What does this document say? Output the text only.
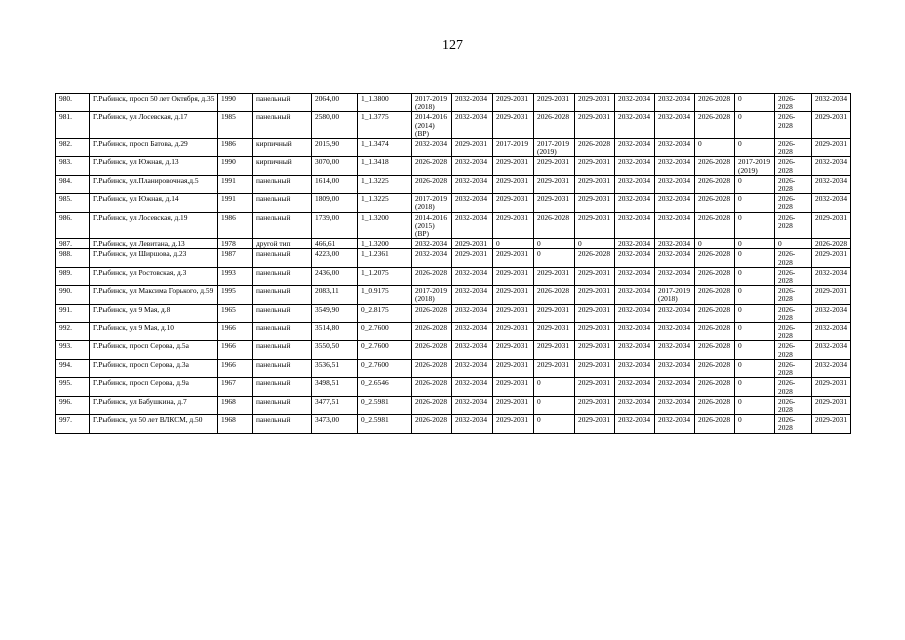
127
980.	Г.Рыбинск, просп 50 лет Октября, д.35	1990	панельный	2064,00	1_1.3800	2017-2019 (2018)	2032-2034	2029-2031	2029-2031	2029-2031	2032-2034	2032-2034	2026-2028	0	2026-2028	2032-2034
981.	Г.Рыбинск, ул Лосевская, д.17	1985	панельный	2580,00	1_1.3775	2014-2016 (2014) (ВР)	2032-2034	2029-2031	2026-2028	2029-2031	2032-2034	2032-2034	2026-2028	0	2026-2028	2029-2031
982.	Г.Рыбинск, просп Батова, д.29	1986	кирпичный	2015,90	1_1.3474	2032-2034	2029-2031	2017-2019	2017-2019 (2019)	2026-2028	2032-2034	2032-2034	0	0	2026-2028	2029-2031
983.	Г.Рыбинск, ул Южная, д.13	1990	кирпичный	3070,00	1_1.3418	2026-2028	2032-2034	2029-2031	2029-2031	2029-2031	2032-2034	2032-2034	2026-2028	2017-2019 (2019)	2026-2028	2032-2034
984.	Г.Рыбинск, ул.Планировочная,д.5	1991	панельный	1614,00	1_1.3225	2026-2028	2032-2034	2029-2031	2029-2031	2029-2031	2032-2034	2032-2034	2026-2028	0	2026-2028	2032-2034
985.	Г.Рыбинск, ул Южная, д.14	1991	панельный	1809,00	1_1.3225	2017-2019 (2018)	2032-2034	2029-2031	2029-2031	2029-2031	2032-2034	2032-2034	2026-2028	0	2026-2028	2032-2034
986.	Г.Рыбинск, ул Лосевская, д.19	1986	панельный	1739,00	1_1.3200	2014-2016 (2015) (ВР)	2032-2034	2029-2031	2026-2028	2029-2031	2032-2034	2032-2034	2026-2028	0	2026-2028	2029-2031
987.	Г.Рыбинск, ул Левитана, д.13	1978	другой тип	466,61	1_1.3200	2032-2034	2029-2031	0	0	0	2032-2034	2032-2034	0	0	0	2026-2028
988.	Г.Рыбинск, ул Ширшова, д.23	1987	панельный	4223,00	1_1.2361	2032-2034	2029-2031	2029-2031	0	2026-2028	2032-2034	2032-2034	2026-2028	0	2026-2028	2029-2031
989.	Г.Рыбинск, ул Ростовская, д.3	1993	панельный	2436,00	1_1.2075	2026-2028	2032-2034	2029-2031	2029-2031	2029-2031	2032-2034	2032-2034	2026-2028	0	2026-2028	2032-2034
990.	Г.Рыбинск, ул Максима Горького, д.59	1995	панельный	2083,11	1_0.9175	2017-2019 (2018)	2032-2034	2029-2031	2026-2028	2029-2031	2032-2034	2017-2019 (2018)	2026-2028	0	2026-2028	2029-2031
991.	Г.Рыбинск, ул 9 Мая, д.8	1965	панельный	3549,90	0_2.8175	2026-2028	2032-2034	2029-2031	2029-2031	2029-2031	2032-2034	2032-2034	2026-2028	0	2026-2028	2032-2034
992.	Г.Рыбинск, ул 9 Мая, д.10	1966	панельный	3514,80	0_2.7600	2026-2028	2032-2034	2029-2031	2029-2031	2029-2031	2032-2034	2032-2034	2026-2028	0	2026-2028	2032-2034
993.	Г.Рыбинск, просп Серова, д.5а	1966	панельный	3550,50	0_2.7600	2026-2028	2032-2034	2029-2031	2029-2031	2029-2031	2032-2034	2032-2034	2026-2028	0	2026-2028	2032-2034
994.	Г.Рыбинск, просп Серова, д.3а	1966	панельный	3536,51	0_2.7600	2026-2028	2032-2034	2029-2031	2029-2031	2029-2031	2032-2034	2032-2034	2026-2028	0	2026-2028	2032-2034
995.	Г.Рыбинск, просп Серова, д.9а	1967	панельный	3498,51	0_2.6546	2026-2028	2032-2034	2029-2031	0	2029-2031	2032-2034	2032-2034	2026-2028	0	2026-2028	2029-2031
996.	Г.Рыбинск, ул Бабушкина, д.7	1968	панельный	3477,51	0_2.5981	2026-2028	2032-2034	2029-2031	0	2029-2031	2032-2034	2032-2034	2026-2028	0	2026-2028	2029-2031
997.	Г.Рыбинск, ул 50 лет ВЛКСМ, д.50	1968	панельный	3473,00	0_2.5981	2026-2028	2032-2034	2029-2031	0	2029-2031	2032-2034	2032-2034	2026-2028	0	2026-2028	2029-2031
